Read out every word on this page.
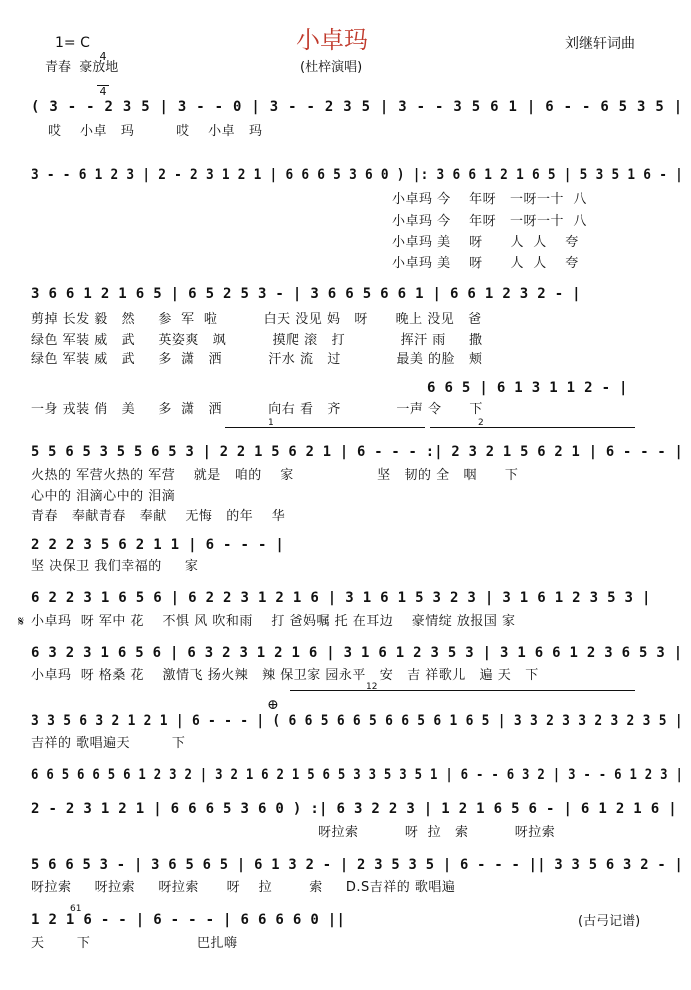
1= C

4

4

小卓玛	刘继轩词曲
青春  豪放地	(杜梓演唱)
( 3 - - 2 3 5 | 3 - - 0 | 3 - - 2 3 5 | 3 - - 3 5 6 1 | 6 - - 6 5 3 5 |
哎    小卓   玛         哎    小卓   玛
3 - - 6 1 2 3 | 2 - 2 3 1 2 1 | 6 6 6 5 3 6 0 ) |: 3 6 6 1 2 1 6 5 | 5 3 5 1 6 - |
小卓玛 今    年呀   一呀一十  八
小卓玛 今    年呀   一呀一十  八
小卓玛 美    呀      人  人    夸
小卓玛 美    呀      人  人    夸
3 6 6 1 2 1 6 5 | 6 5 2 5 3 - | 3 6 6 5 6 6 1 | 6 6 1 2 3 2 - |
剪掉 长发 毅   然     参  军  啦          白天 没见 妈   呀      晚上 没见   爸
绿色 军装 威   武     英姿爽   飒          摸爬 滚   打            挥汗 雨     撒
绿色 军装 威   武     多  潇   洒          汗水 流   过            最美 的脸   颊
6 6 5 | 6 1 3 1 1 2 - |
一身 戎装 俏   美     多  潇   洒          向右 看   齐            一声 令      下
1	2
5 5 6 5 3 5 5 6 5 3 | 2 2 1 5 6 2 1 | 6 - - - :| 2 3 2 1 5 6 2 1 | 6 - - - |
火热的 军营火热的 军营    就是   咱的    家                  坚   韧的 全   咽      下
心中的 泪滴心中的 泪滴
青春   奉献青春   奉献    无悔   的年    华
2 2 2 3 5 6 2 1 1 | 6 - - - |
坚 决保卫 我们幸福的     家
6 2 2 3 1 6 5 6 | 6 2 2 3 1 2 1 6 | 3 1 6 1 5 3 2 3 | 3 1 6 1 2 3 5 3 |
𝄋 小卓玛  呀 军中 花    不惧 风 吹和雨    打 爸妈嘱 托 在耳边    豪情绽 放报国 家
6 3 2 3 1 6 5 6 | 6 3 2 3 1 2 1 6 | 3 1 6 1 2 3 5 3 | 3 1 6 6 1 2 3 6 5 3 |
小卓玛  呀 格桑 花    激情飞 扬火辣   辣 保卫家 园永平   安   吉 祥歌儿   遍 天   下
12
⊕
3 3 5 6 3 2 1 2 1 | 6 - - - | ( 6 6 5 6 6 5 6 6 5 6 1 6 5 | 3 3 2 3 3 2 3 2 3 5 |
吉祥的 歌唱遍天         下
6 6 5 6 6 5 6 1 2 3 2 | 3 2 1 6 2 1 5 6 5 3 3 5 3 5 1 | 6 - - 6 3 2 | 3 - - 6 1 2 3 |
2 - 2 3 1 2 1 | 6 6 6 5 3 6 0 ) :| 6 3 2 2 3 | 1 2 1 6 5 6 - | 6 1 2 1 6 |
呀拉索          呀  拉   索          呀拉索
5 6 6 5 3 - | 3 6 5 6 5 | 6 1 3 2 - | 2 3 5 3 5 | 6 - - - || 3 3 5 6 3 2 - |
呀拉索     呀拉索     呀拉索      呀    拉        索     D.S吉祥的 歌唱遍
61
1 2 1 6 - - | 6 - - - | 6 6 6 6 0 ||
天       下                       巴扎嗨
(古弓记谱)
